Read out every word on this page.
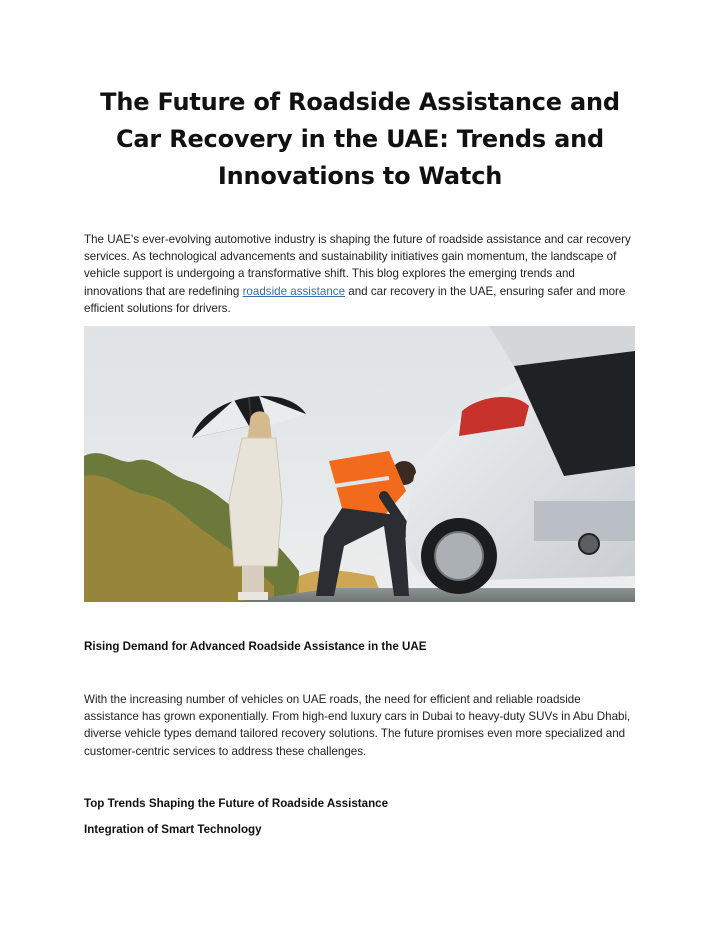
The Future of Roadside Assistance and Car Recovery in the UAE: Trends and Innovations to Watch

The UAE's ever-evolving automotive industry is shaping the future of roadside assistance and car recovery services. As technological advancements and sustainability initiatives gain momentum, the landscape of vehicle support is undergoing a transformative shift. This blog explores the emerging trends and innovations that are redefining roadside assistance and car recovery in the UAE, ensuring safer and more efficient solutions for drivers.

Rising Demand for Advanced Roadside Assistance in the UAE

With the increasing number of vehicles on UAE roads, the need for efficient and reliable roadside assistance has grown exponentially. From high-end luxury cars in Dubai to heavy-duty SUVs in Abu Dhabi, diverse vehicle types demand tailored recovery solutions. The future promises even more specialized and customer-centric services to address these challenges.

Top Trends Shaping the Future of Roadside Assistance
Integration of Smart Technology
